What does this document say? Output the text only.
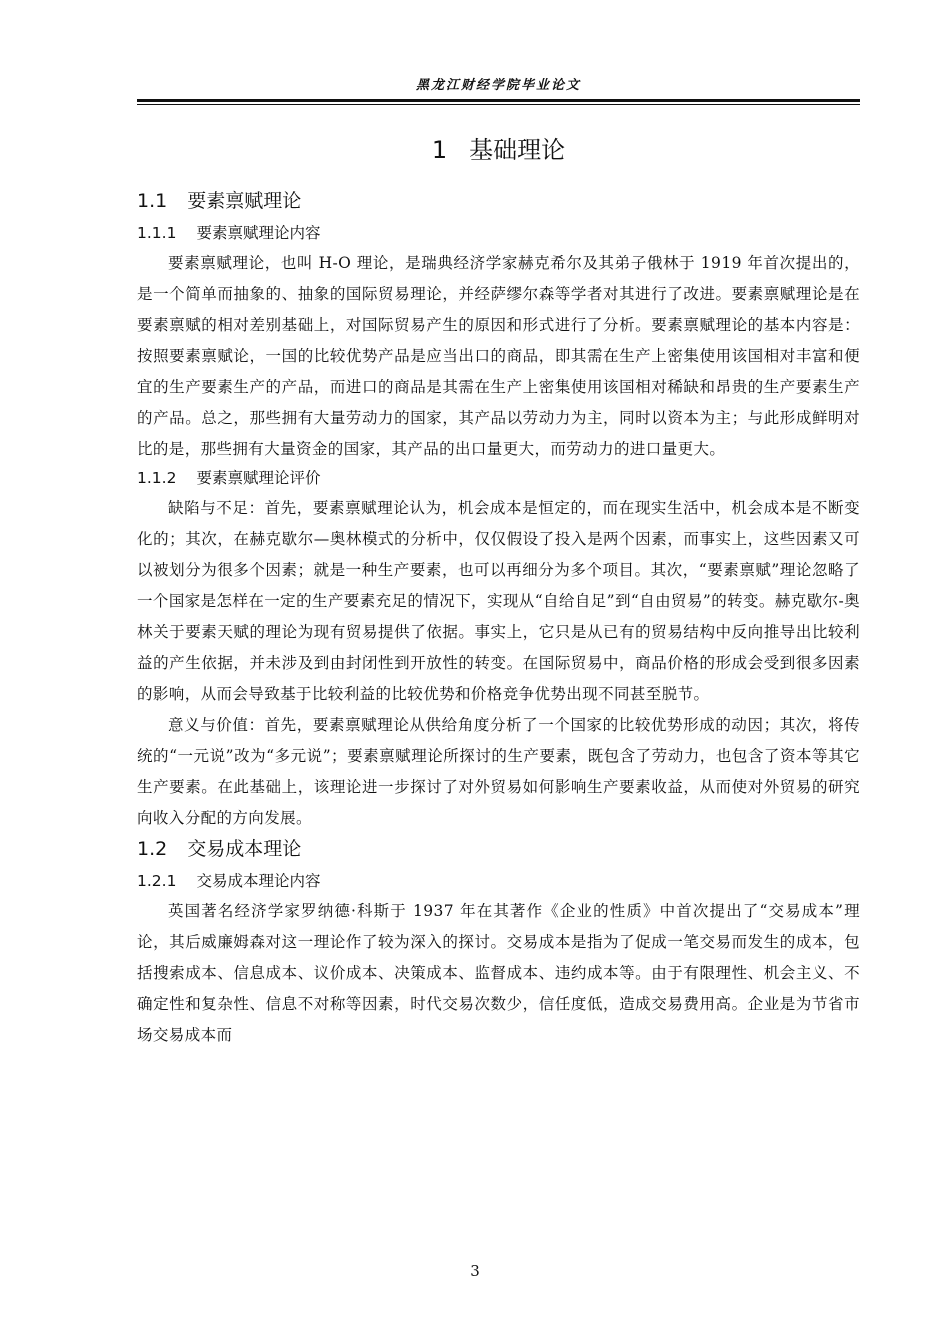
黑龙江财经学院毕业论文
1 基础理论
1.1 要素禀赋理论
1.1.1 要素禀赋理论内容

要素禀赋理论，也叫 H-O 理论，是瑞典经济学家赫克希尔及其弟子俄林于 1919 年首次提出的，是一个简单而抽象的、抽象的国际贸易理论，并经萨缪尔森等学者对其进行了改进。要素禀赋理论是在要素禀赋的相对差别基础上，对国际贸易产生的原因和形式进行了分析。要素禀赋理论的基本内容是：按照要素禀赋论，一国的比较优势产品是应当出口的商品，即其需在生产上密集使用该国相对丰富和便宜的生产要素生产的产品，而进口的商品是其需在生产上密集使用该国相对稀缺和昂贵的生产要素生产的产品。总之，那些拥有大量劳动力的国家，其产品以劳动力为主，同时以资本为主；与此形成鲜明对比的是，那些拥有大量资金的国家，其产品的出口量更大，而劳动力的进口量更大。

1.1.2 要素禀赋理论评价

缺陷与不足：首先，要素禀赋理论认为，机会成本是恒定的，而在现实生活中，机会成本是不断变化的；其次，在赫克歇尔—奥林模式的分析中，仅仅假设了投入是两个因素，而事实上，这些因素又可以被划分为很多个因素；就是一种生产要素，也可以再细分为多个项目。其次，“要素禀赋”理论忽略了一个国家是怎样在一定的生产要素充足的情况下，实现从“自给自足”到“自由贸易”的转变。赫克歇尔-奥林关于要素天赋的理论为现有贸易提供了依据。事实上，它只是从已有的贸易结构中反向推导出比较利益的产生依据，并未涉及到由封闭性到开放性的转变。在国际贸易中，商品价格的形成会受到很多因素的影响，从而会导致基于比较利益的比较优势和价格竞争优势出现不同甚至脱节。

意义与价值：首先，要素禀赋理论从供给角度分析了一个国家的比较优势形成的动因；其次，将传统的“一元说”改为“多元说”；要素禀赋理论所探讨的生产要素，既包含了劳动力，也包含了资本等其它生产要素。在此基础上，该理论进一步探讨了对外贸易如何影响生产要素收益，从而使对外贸易的研究向收入分配的方向发展。

1.2 交易成本理论
1.2.1 交易成本理论内容

英国著名经济学家罗纳德·科斯于 1937 年在其著作《企业的性质》中首次提出了“交易成本”理论，其后威廉姆森对这一理论作了较为深入的探讨。交易成本是指为了促成一笔交易而发生的成本，包括搜索成本、信息成本、议价成本、决策成本、监督成本、违约成本等。由于有限理性、机会主义、不确定性和复杂性、信息不对称等因素，时代交易次数少，信任度低，造成交易费用高。企业是为节省市场交易成本而

3
